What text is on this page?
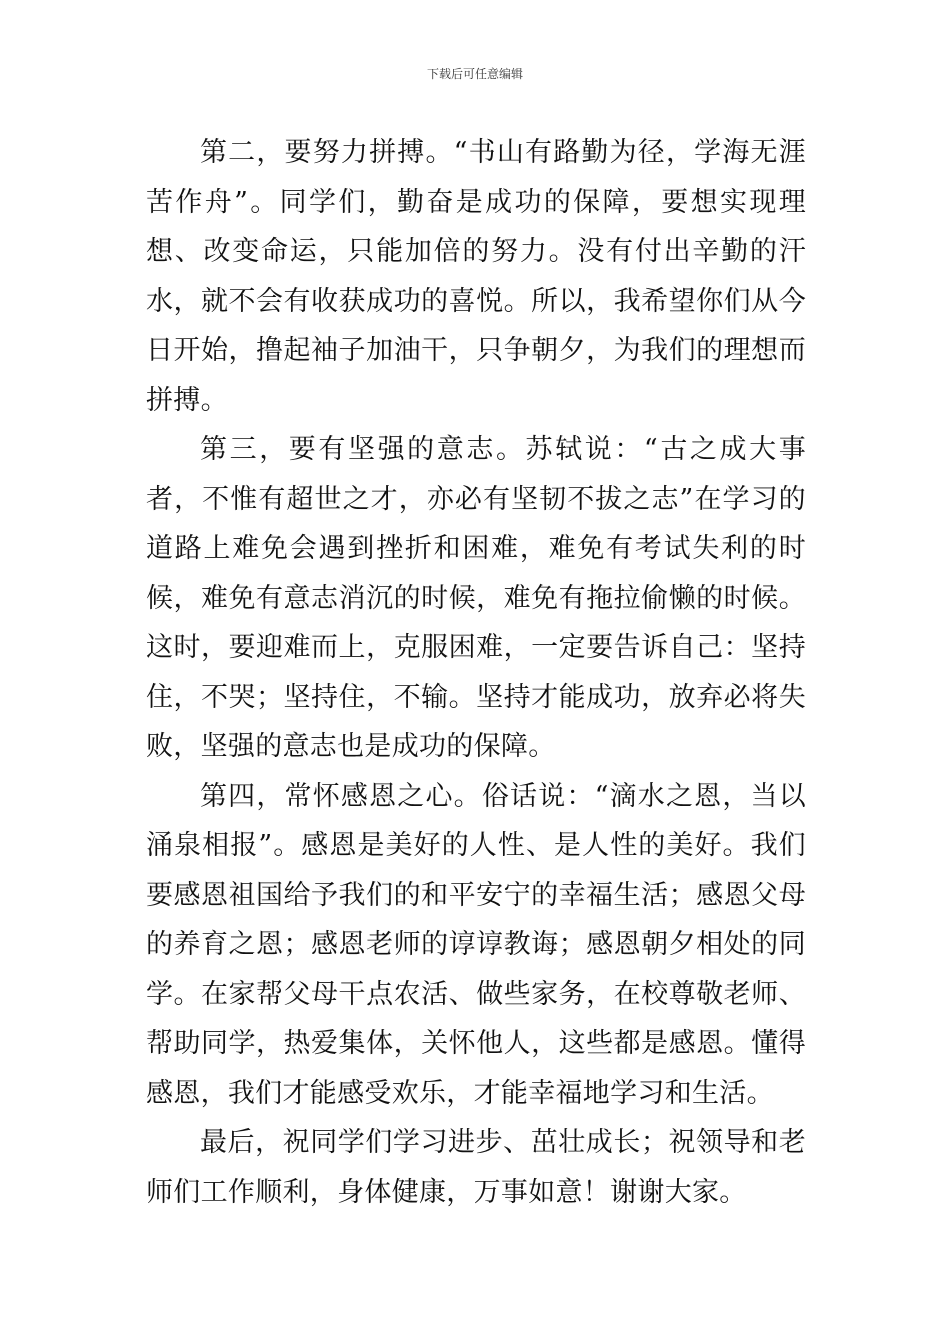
下载后可任意编辑

第二，要努力拼搏。“书山有路勤为径，学海无涯苦作舟”。同学们，勤奋是成功的保障，要想实现理想、改变命运，只能加倍的努力。没有付出辛勤的汗水，就不会有收获成功的喜悦。所以，我希望你们从今日开始，撸起袖子加油干，只争朝夕，为我们的理想而拼搏。

第三，要有坚强的意志。苏轼说：“古之成大事者，不惟有超世之才，亦必有坚韧不拔之志”在学习的道路上难免会遇到挫折和困难，难免有考试失利的时候，难免有意志消沉的时候，难免有拖拉偷懒的时候。这时，要迎难而上，克服困难，一定要告诉自己：坚持住，不哭；坚持住，不输。坚持才能成功，放弃必将失败，坚强的意志也是成功的保障。

第四，常怀感恩之心。俗话说：“滴水之恩，当以涌泉相报”。感恩是美好的人性、是人性的美好。我们要感恩祖国给予我们的和平安宁的幸福生活；感恩父母的养育之恩；感恩老师的谆谆教诲；感恩朝夕相处的同学。在家帮父母干点农活、做些家务，在校尊敬老师、帮助同学，热爱集体，关怀他人，这些都是感恩。懂得感恩，我们才能感受欢乐，才能幸福地学习和生活。

最后，祝同学们学习进步、茁壮成长；祝领导和老师们工作顺利，身体健康，万事如意！谢谢大家。
